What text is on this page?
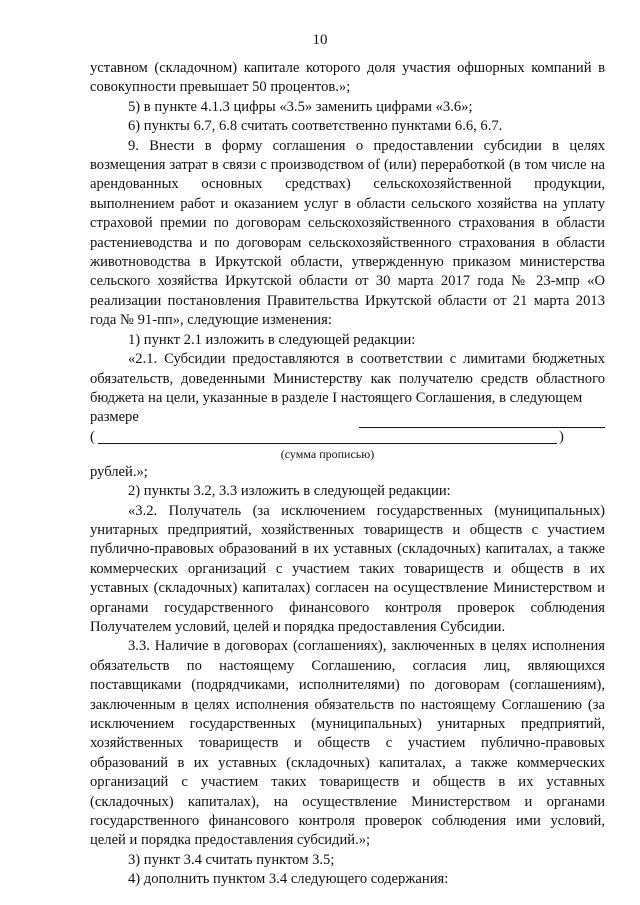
10

уставном (складочном) капитале которого доля участия офшорных компаний в совокупности превышает 50 процентов.»;

5) в пункте 4.1.3 цифры «3.5» заменить цифрами «3.6»;

6) пункты 6.7, 6.8 считать соответственно пунктами 6.6, 6.7.

9. Внести в форму соглашения о предоставлении субсидии в целях возмещения затрат в связи с производством of (или) переработкой (в том числе на арендованных основных средствах) сельскохозяйственной продукции, выполнением работ и оказанием услуг в области сельского хозяйства на уплату страховой премии по договорам сельскохозяйственного страхования в области растениеводства и по договорам сельскохозяйственного страхования в области животноводства в Иркутской области, утвержденную приказом министерства сельского хозяйства Иркутской области от 30 марта 2017 года № 23-мпр «О реализации постановления Правительства Иркутской области от 21 марта 2013 года № 91-пп», следующие изменения:

1) пункт 2.1 изложить в следующей редакции:

«2.1. Субсидии предоставляются в соответствии с лимитами бюджетных обязательств, доведенными Министерству как получателю средств областного бюджета на цели, указанные в разделе I настоящего Соглашения, в следующем

размере
(	)

(сумма прописью)

рублей.»;

2) пункты 3.2, 3.3 изложить в следующей редакции:

«3.2. Получатель (за исключением государственных (муниципальных) унитарных предприятий, хозяйственных товариществ и обществ с участием публично-правовых образований в их уставных (складочных) капиталах, а также коммерческих организаций с участием таких товариществ и обществ в их уставных (складочных) капиталах) согласен на осуществление Министерством и органами государственного финансового контроля проверок соблюдения Получателем условий, целей и порядка предоставления Субсидии.

3.3. Наличие в договорах (соглашениях), заключенных в целях исполнения обязательств по настоящему Соглашению, согласия лиц, являющихся поставщиками (подрядчиками, исполнителями) по договорам (соглашениям), заключенным в целях исполнения обязательств по настоящему Соглашению (за исключением государственных (муниципальных) унитарных предприятий, хозяйственных товариществ и обществ с участием публично-правовых образований в их уставных (складочных) капиталах, а также коммерческих организаций с участием таких товариществ и обществ в их уставных (складочных) капиталах), на осуществление Министерством и органами государственного финансового контроля проверок соблюдения ими условий, целей и порядка предоставления субсидий.»;

3) пункт 3.4 считать пунктом 3.5;

4) дополнить пунктом 3.4 следующего содержания:
